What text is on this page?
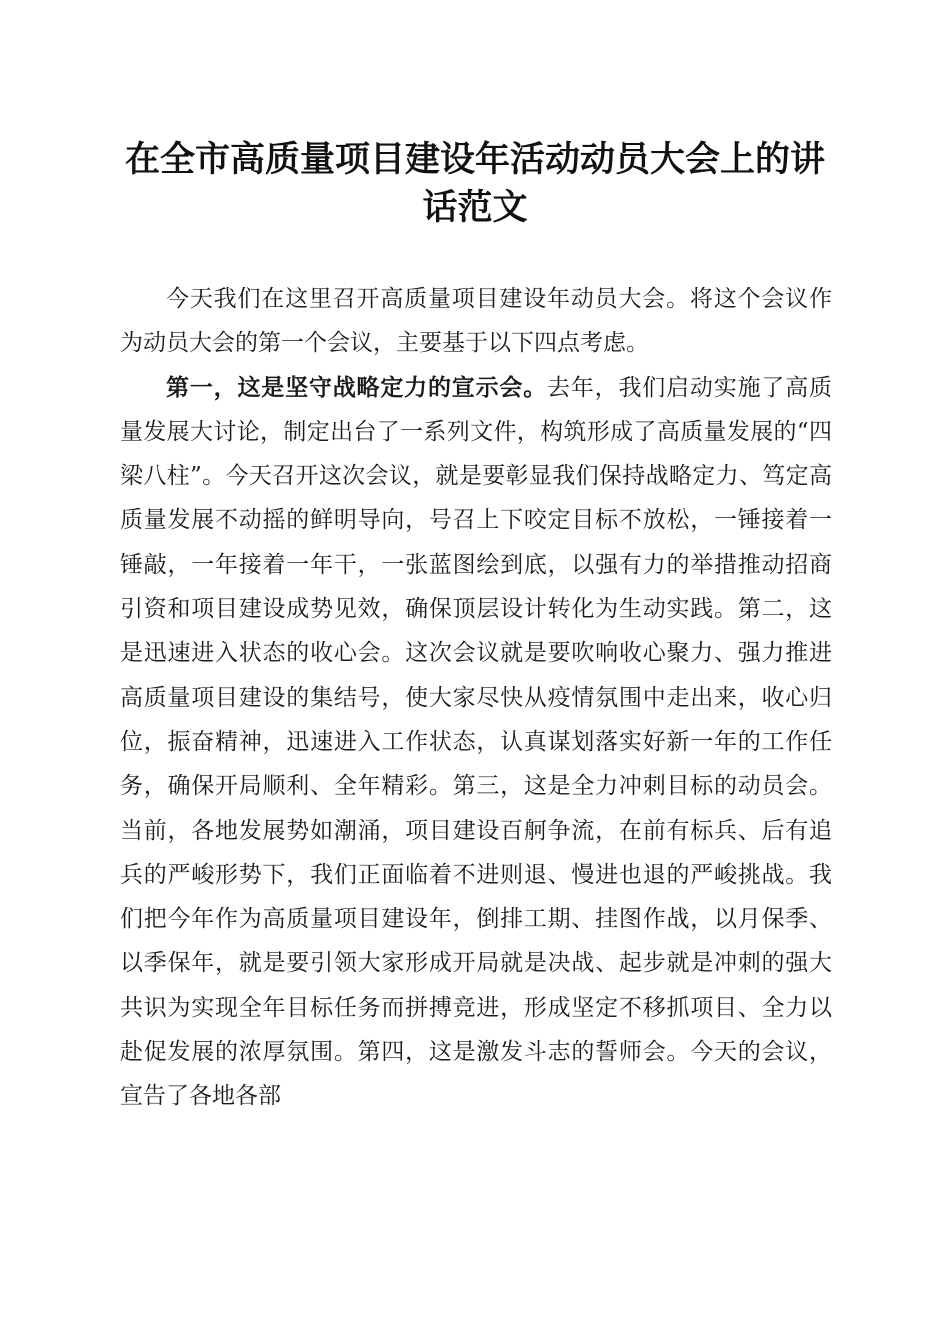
在全市高质量项目建设年活动动员大会上的讲话范文

今天我们在这里召开高质量项目建设年动员大会。将这个会议作为动员大会的第一个会议，主要基于以下四点考虑。

第一，这是坚守战略定力的宣示会。去年，我们启动实施了高质量发展大讨论，制定出台了一系列文件，构筑形成了高质量发展的“四梁八柱”。今天召开这次会议，就是要彰显我们保持战略定力、笃定高质量发展不动摇的鲜明导向，号召上下咬定目标不放松，一锤接着一锤敲，一年接着一年干，一张蓝图绘到底，以强有力的举措推动招商引资和项目建设成势见效，确保顶层设计转化为生动实践。第二，这是迅速进入状态的收心会。这次会议就是要吹响收心聚力、强力推进高质量项目建设的集结号，使大家尽快从疫情氛围中走出来，收心归位，振奋精神，迅速进入工作状态，认真谋划落实好新一年的工作任务，确保开局顺利、全年精彩。第三，这是全力冲刺目标的动员会。当前，各地发展势如潮涌，项目建设百舸争流，在前有标兵、后有追兵的严峻形势下，我们正面临着不进则退、慢进也退的严峻挑战。我们把今年作为高质量项目建设年，倒排工期、挂图作战，以月保季、以季保年，就是要引领大家形成开局就是决战、起步就是冲刺的强大共识为实现全年目标任务而拼搏竞进，形成坚定不移抓项目、全力以赴促发展的浓厚氛围。第四，这是激发斗志的誓师会。今天的会议，宣告了各地各部
